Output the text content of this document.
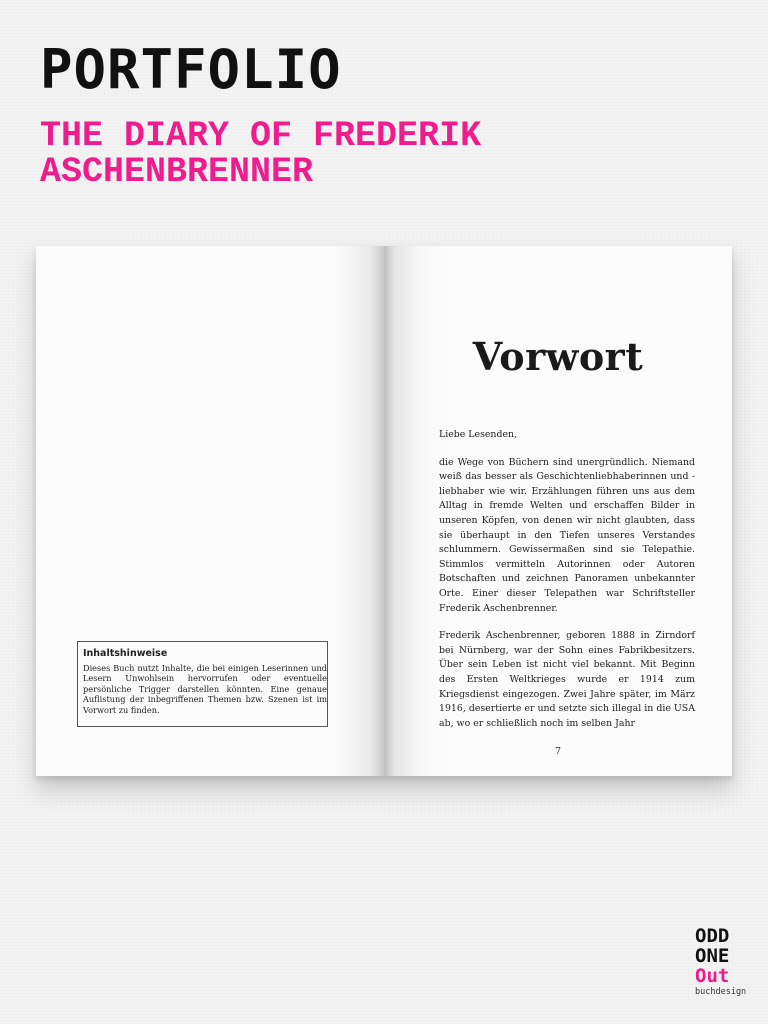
PORTFOLIO
THE DIARY OF FREDERIK ASCHENBRENNER

Inhaltshinweise

Dieses Buch nutzt Inhalte, die bei einigen Leserinnen und Lesern Unwohlsein hervorrufen oder eventuelle persönliche Trigger darstellen könnten. Eine genaue Auflistung der inbegriffenen Themen bzw. Szenen ist im Vorwort zu finden.

Vorwort

Liebe Lesenden,

die Wege von Büchern sind unergründlich. Niemand weiß das besser als Geschichtenliebhaberinnen und -liebhaber wie wir. Erzählungen führen uns aus dem Alltag in fremde Welten und erschaffen Bilder in unseren Köpfen, von denen wir nicht glaubten, dass sie überhaupt in den Tiefen unseres Verstandes schlummern. Gewissermaßen sind sie Telepathie. Stimmlos vermitteln Autorinnen oder Autoren Botschaften und zeichnen Panoramen unbekannter Orte. Einer dieser Telepathen war Schriftsteller Frederik Aschenbrenner.

Frederik Aschenbrenner, geboren 1888 in Zirndorf bei Nürnberg, war der Sohn eines Fabrikbesitzers. Über sein Leben ist nicht viel bekannt. Mit Beginn des Ersten Weltkrieges wurde er 1914 zum Kriegsdienst eingezogen. Zwei Jahre später, im März 1916, desertierte er und setzte sich illegal in die USA ab, wo er schließlich noch im selben Jahr

7
ODD
ONE
Out
buchdesign
